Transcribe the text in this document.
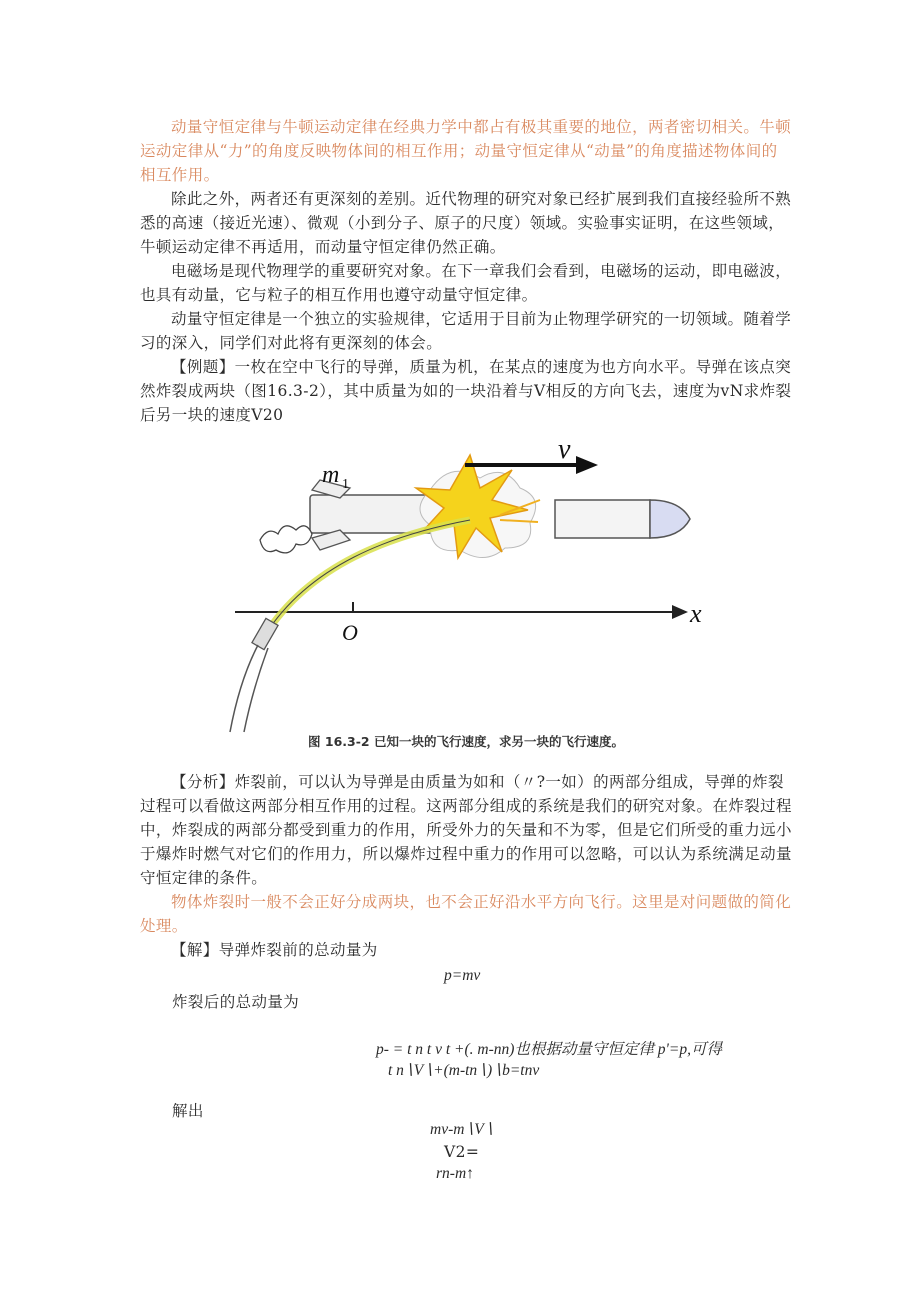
动量守恒定律与牛顿运动定律在经典力学中都占有极其重要的地位，两者密切相关。牛顿运动定律从“力”的角度反映物体间的相互作用；动量守恒定律从“动量”的角度描述物体间的相互作用。

除此之外，两者还有更深刻的差别。近代物理的研究对象已经扩展到我们直接经验所不熟悉的高速（接近光速）、微观（小到分子、原子的尺度）领域。实验事实证明，在这些领域，牛顿运动定律不再适用，而动量守恒定律仍然正确。

电磁场是现代物理学的重要研究对象。在下一章我们会看到，电磁场的运动，即电磁波，也具有动量，它与粒子的相互作用也遵守动量守恒定律。

动量守恒定律是一个独立的实验规律，它适用于目前为止物理学研究的一切领域。随着学习的深入，同学们对此将有更深刻的体会。

【例题】一枚在空中飞行的导弹，质量为机，在某点的速度为也方向水平。导弹在该点突然炸裂成两块（图16.3-2），其中质量为如的一块沿着与V相反的方向飞去，速度为vN求炸裂后另一块的速度V20

m 1
v
x
O
图 16.3-2 已知一块的飞行速度，求另一块的飞行速度。

【分析】炸裂前，可以认为导弹是由质量为如和（〃?一如）的两部分组成，导弹的炸裂过程可以看做这两部分相互作用的过程。这两部分组成的系统是我们的研究对象。在炸裂过程中，炸裂成的两部分都受到重力的作用，所受外力的矢量和不为零，但是它们所受的重力远小于爆炸时燃气对它们的作用力，所以爆炸过程中重力的作用可以忽略，可以认为系统满足动量守恒定律的条件。

物体炸裂时一般不会正好分成两块，也不会正好沿水平方向飞行。这里是对问题做的简化处理。

【解】导弹炸裂前的总动量为

p=mv
炸裂后的总动量为
p- = t n t v t +(. m-nn)也根据动量守恒定律 p'=p,可得
t n∖V∖+(m-tn∖)∖b=tnv
解出
mv-m∖V∖
V2=
rn-m↑
